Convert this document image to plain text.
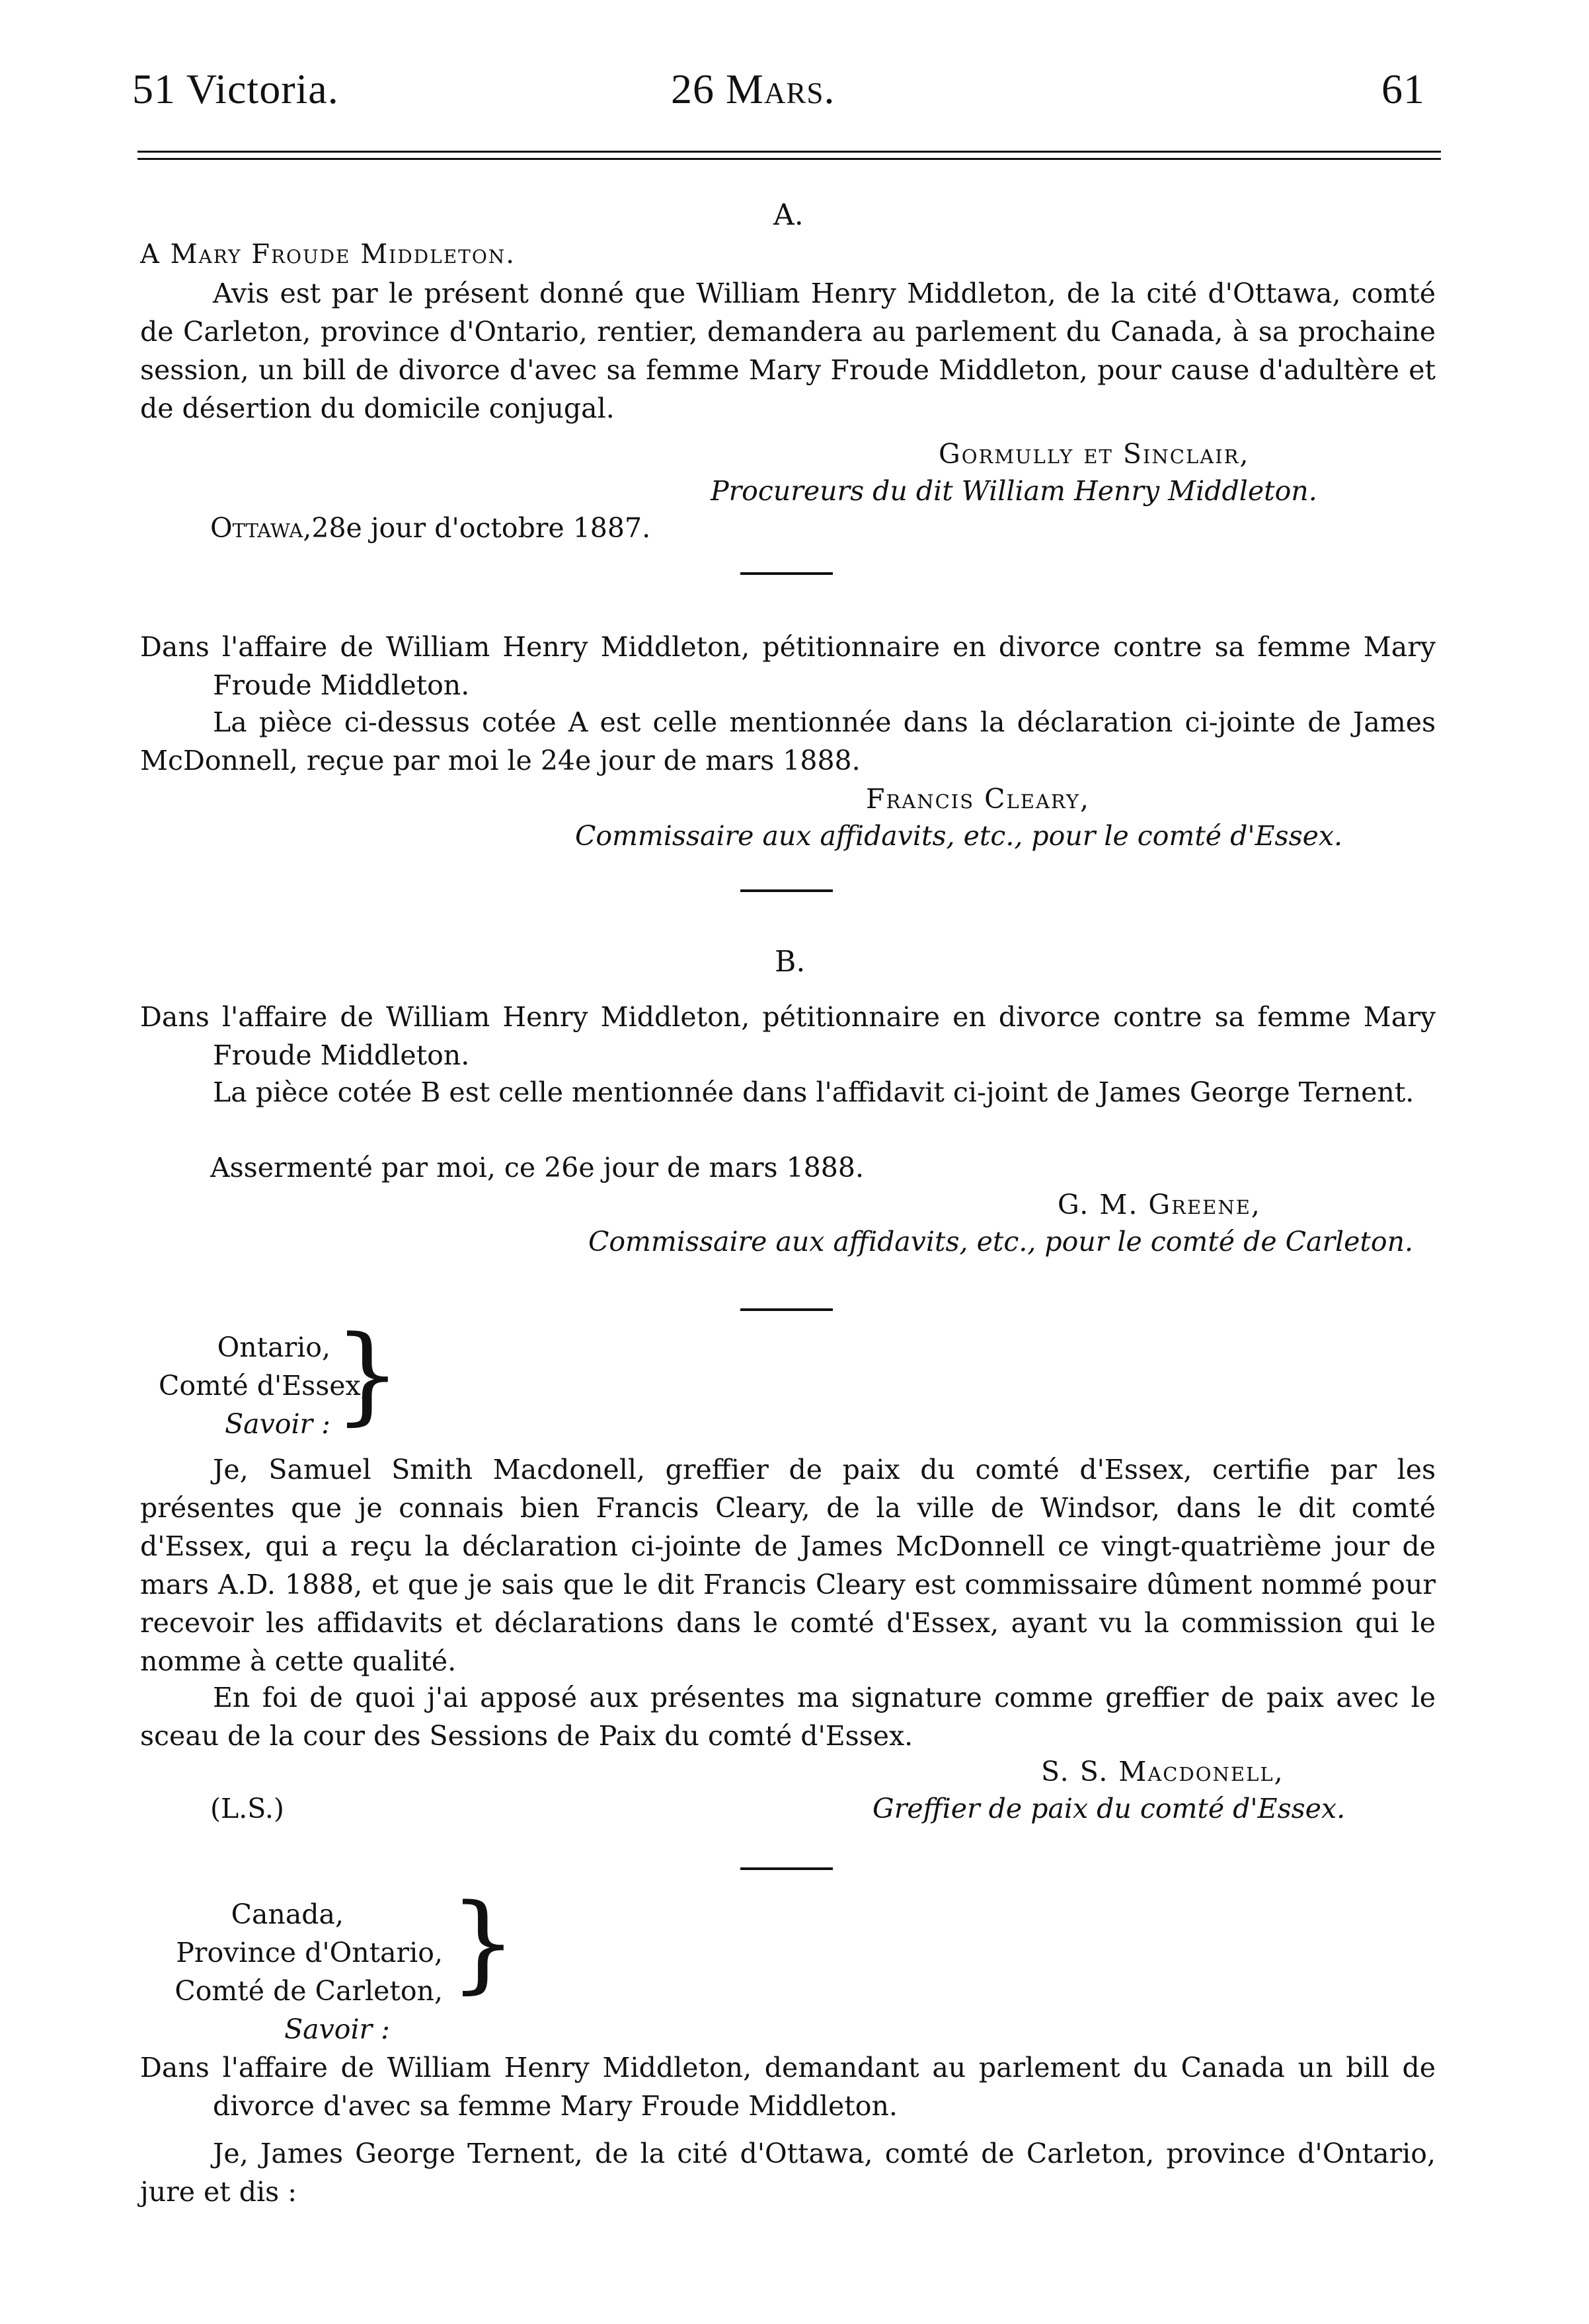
51 Victoria.	26 Mars.	61
A.
A Mary Froude Middleton.
Avis est par le présent donné que William Henry Middleton, de la cité d'Ottawa, comté de Carleton, province d'Ontario, rentier, demandera au parlement du Canada, à sa prochaine session, un bill de divorce d'avec sa femme Mary Froude Middleton, pour cause d'adultère et de désertion du domicile conjugal.
Gormully et Sinclair,
Procureurs du dit William Henry Middleton.
Ottawa,28e jour d'octobre 1887.
Dans l'affaire de William Henry Middleton, pétitionnaire en divorce contre sa femme Mary Froude Middleton.
La pièce ci-dessus cotée A est celle mentionnée dans la déclaration ci-jointe de James McDonnell, reçue par moi le 24e jour de mars 1888.
Francis Cleary,
Commissaire aux affidavits, etc., pour le comté d'Essex.
B.
Dans l'affaire de William Henry Middleton, pétitionnaire en divorce contre sa femme Mary Froude Middleton.
La pièce cotée B est celle mentionnée dans l'affidavit ci-joint de James George Ternent.
Assermenté par moi, ce 26e jour de mars 1888.
G. M. Greene,
Commissaire aux affidavits, etc., pour le comté de Carleton.
Ontario,
Comté d'Essex,
Savoir : }
Je, Samuel Smith Macdonell, greffier de paix du comté d'Essex, certifie par les présentes que je connais bien Francis Cleary, de la ville de Windsor, dans le dit comté d'Essex, qui a reçu la déclaration ci-jointe de James McDonnell ce vingt-quatrième jour de mars A.D. 1888, et que je sais que le dit Francis Cleary est commissaire dûment nommé pour recevoir les affidavits et déclarations dans le comté d'Essex, ayant vu la commission qui le nomme à cette qualité.
En foi de quoi j'ai apposé aux présentes ma signature comme greffier de paix avec le sceau de la cour des Sessions de Paix du comté d'Essex.
S. S. Macdonell,
(L.S.)	Greffier de paix du comté d'Essex.
Canada,
Province d'Ontario,
Comté de Carleton,
Savoir :
}
Dans l'affaire de William Henry Middleton, demandant au parlement du Canada un bill de divorce d'avec sa femme Mary Froude Middleton.
Je, James George Ternent, de la cité d'Ottawa, comté de Carleton, province d'Ontario, jure et dis :
